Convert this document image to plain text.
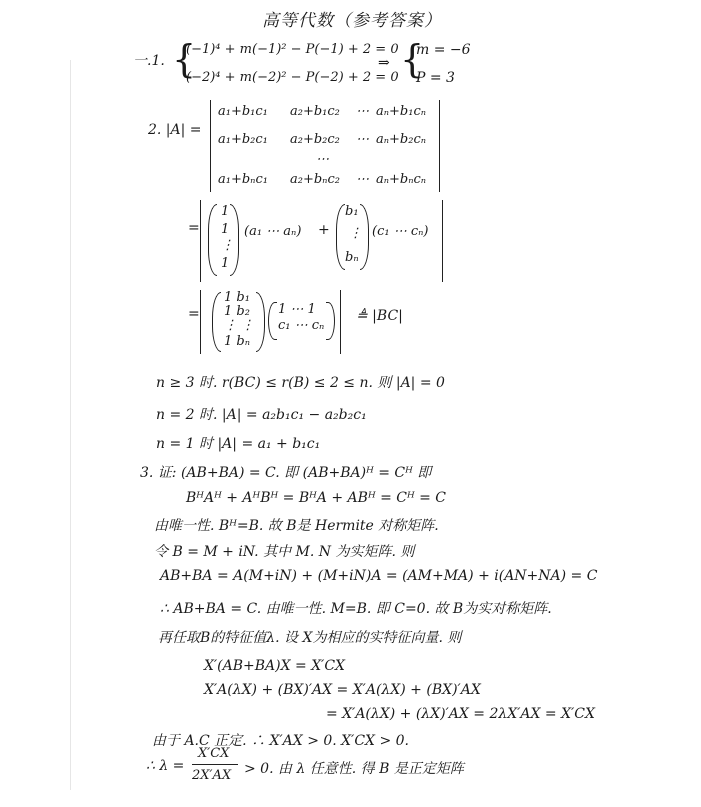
高等代数（参考答案）
一.1. {
(−1)⁴ + m(−1)² − P(−1) + 2 = 0
(−2)⁴ + m(−2)² − P(−2) + 2 = 0
⇒ {
m = −6
P = 3
2. |A| =
a₁+b₁c₁ a₂+b₁c₂ ⋯ aₙ+b₁cₙ
a₁+b₂c₁ a₂+b₂c₂ ⋯ aₙ+b₂cₙ
⋯
a₁+bₙc₁ a₂+bₙc₂ ⋯ aₙ+bₙcₙ
=
1
1
⋮
1
(a₁ ⋯ aₙ) +
b₁
⋮
bₙ
(c₁ ⋯ cₙ)
=
1 b₁
1 b₂
⋮ ⋮
1 bₙ
1 ⋯ 1
c₁ ⋯ cₙ
≜ |BC|
n ≥ 3 时. r(BC) ≤ r(B) ≤ 2 ≤ n. 则 |A| = 0
n = 2 时. |A| = a₂b₁c₁ − a₂b₂c₁
n = 1 时 |A| = a₁ + b₁c₁
3. 证: (AB+BA) = C. 即 (AB+BA)ᴴ = Cᴴ 即
BᴴAᴴ + AᴴBᴴ = BᴴA + ABᴴ = Cᴴ = C
由唯一性. Bᴴ=B. 故 B是 Hermite 对称矩阵.
令 B = M + iN. 其中 M. N 为实矩阵. 则
AB+BA = A(M+iN) + (M+iN)A = (AM+MA) + i(AN+NA) = C
∴ AB+BA = C. 由唯一性. M=B. 即 C=0. 故 B为实对称矩阵.
再任取B的特征值λ. 设 X为相应的实特征向量. 则
X′(AB+BA)X = X′CX
X′A(λX) + (BX)′AX = X′A(λX) + (BX)′AX
= X′A(λX) + (λX)′AX = 2λX′AX = X′CX
由于 A.C 正定. ∴ X′AX > 0. X′CX > 0.
∴ λ =
X′CX
2X′AX > 0. 由 λ 任意性. 得 B 是正定矩阵
